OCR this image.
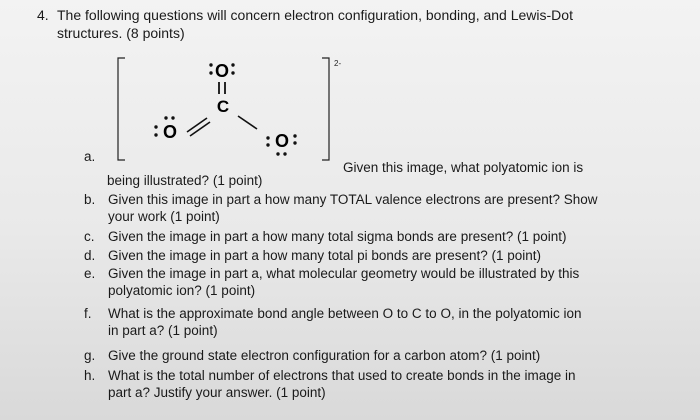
4. The following questions will concern electron configuration, bonding, and Lewis-Dot
structures. (8 points)
2-
O
C
O	O
a.
Given this image, what polyatomic ion is
being illustrated? (1 point)
b. Given this image in part a how many TOTAL valence electrons are present? Show
your work (1 point)
c. Given the image in part a how many total sigma bonds are present? (1 point)
d. Given the image in part a how many total pi bonds are present? (1 point)
e. Given the image in part a, what molecular geometry would be illustrated by this
polyatomic ion? (1 point)
f.	What is the approximate bond angle between O to C to O, in the polyatomic ion
in part a? (1 point)
g. Give the ground state electron configuration for a carbon atom? (1 point)
h. What is the total number of electrons that used to create bonds in the image in
part a? Justify your answer. (1 point)
